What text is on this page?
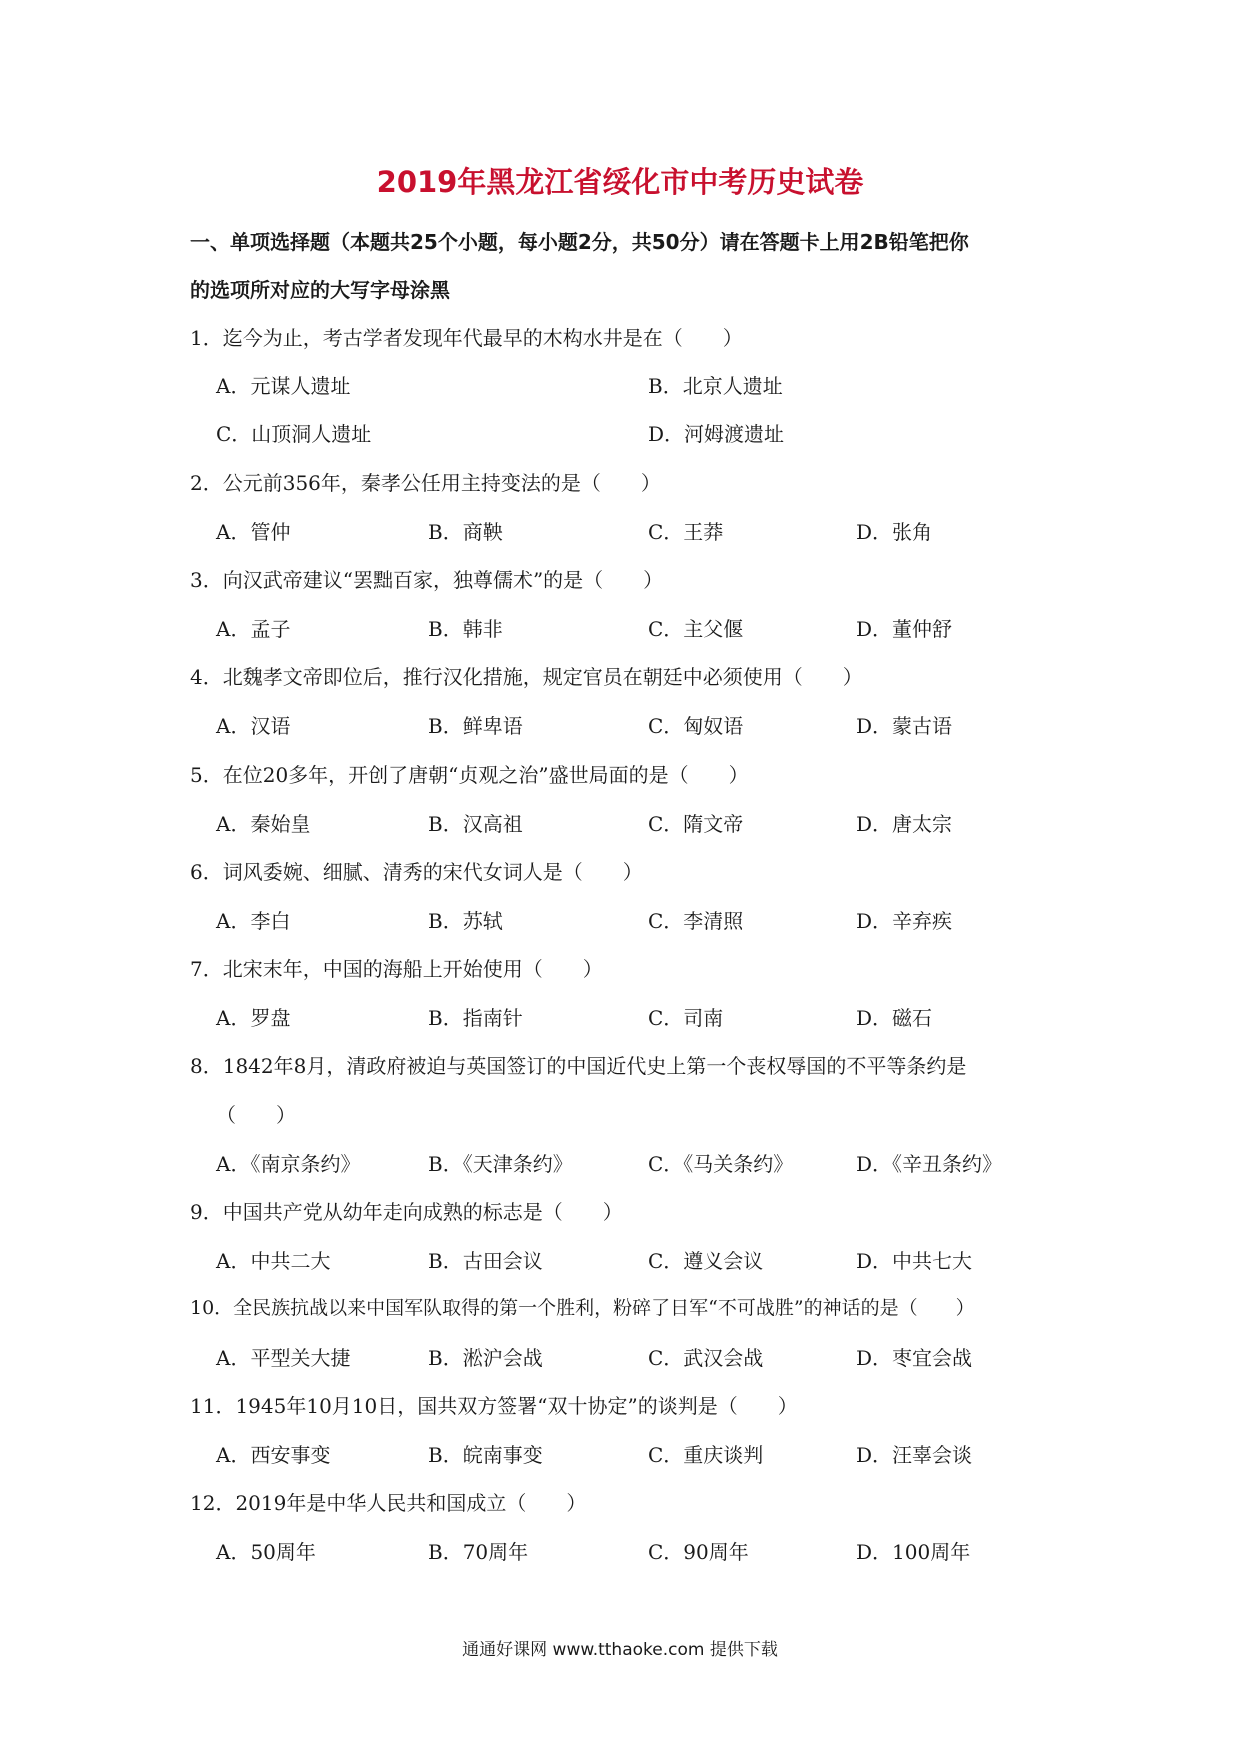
2019年黑龙江省绥化市中考历史试卷
一、单项选择题（本题共25个小题，每小题2分，共50分）请在答题卡上用2B铅笔把你
的选项所对应的大写字母涂黑
1．迄今为止，考古学者发现年代最早的木构水井是在（　　）
A．元谋人遗址	B．北京人遗址
C．山顶洞人遗址	D．河姆渡遗址
2．公元前356年，秦孝公任用主持变法的是（　　）
A．管仲	B．商鞅	C．王莽	D．张角
3．向汉武帝建议“罢黜百家，独尊儒术”的是（　　）
A．孟子	B．韩非	C．主父偃	D．董仲舒
4．北魏孝文帝即位后，推行汉化措施，规定官员在朝廷中必须使用（　　）
A．汉语	B．鲜卑语	C．匈奴语	D．蒙古语
5．在位20多年，开创了唐朝“贞观之治”盛世局面的是（　　）
A．秦始皇	B．汉高祖	C．隋文帝	D．唐太宗
6．词风委婉、细腻、清秀的宋代女词人是（　　）
A．李白	B．苏轼	C．李清照	D．辛弃疾
7．北宋末年，中国的海船上开始使用（　　）
A．罗盘	B．指南针	C．司南	D．磁石
8．1842年8月，清政府被迫与英国签订的中国近代史上第一个丧权辱国的不平等条约是
（　　）
A．《南京条约》	B．《天津条约》	C．《马关条约》	D．《辛丑条约》
9．中国共产党从幼年走向成熟的标志是（　　）
A．中共二大	B．古田会议	C．遵义会议	D．中共七大
10．全民族抗战以来中国军队取得的第一个胜利，粉碎了日军“不可战胜”的神话的是（　　）
A．平型关大捷	B．淞沪会战	C．武汉会战	D．枣宜会战
11．1945年10月10日，国共双方签署“双十协定”的谈判是（　　）
A．西安事变	B．皖南事变	C．重庆谈判	D．汪辜会谈
12．2019年是中华人民共和国成立（　　）
A．50周年	B．70周年	C．90周年	D．100周年
通通好课网 www.tthaoke.com 提供下载
